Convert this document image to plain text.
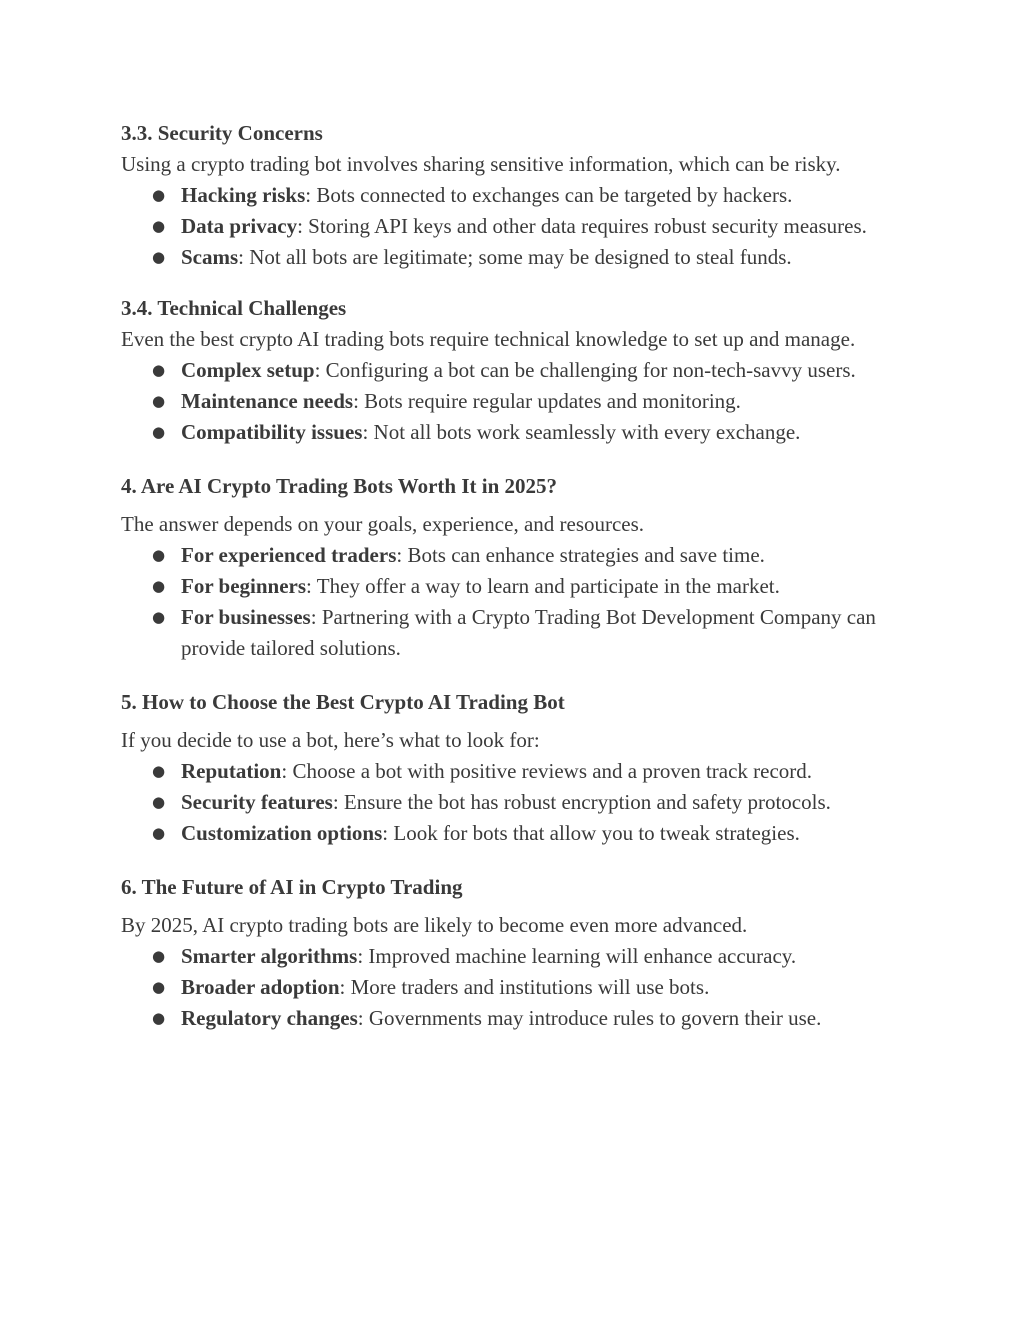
3.3. Security Concerns

Using a crypto trading bot involves sharing sensitive information, which can be risky.

● Hacking risks: Bots connected to exchanges can be targeted by hackers.
● Data privacy: Storing API keys and other data requires robust security measures.
● Scams: Not all bots are legitimate; some may be designed to steal funds.
3.4. Technical Challenges

Even the best crypto AI trading bots require technical knowledge to set up and manage.

● Complex setup: Configuring a bot can be challenging for non-tech-savvy users.
● Maintenance needs: Bots require regular updates and monitoring.
● Compatibility issues: Not all bots work seamlessly with every exchange.
4. Are AI Crypto Trading Bots Worth It in 2025?

The answer depends on your goals, experience, and resources.

● For experienced traders: Bots can enhance strategies and save time.
● For beginners: They offer a way to learn and participate in the market.
● For businesses: Partnering with a Crypto Trading Bot Development Company can provide tailored solutions.
5. How to Choose the Best Crypto AI Trading Bot

If you decide to use a bot, here’s what to look for:

● Reputation: Choose a bot with positive reviews and a proven track record.
● Security features: Ensure the bot has robust encryption and safety protocols.
● Customization options: Look for bots that allow you to tweak strategies.
6. The Future of AI in Crypto Trading

By 2025, AI crypto trading bots are likely to become even more advanced.

● Smarter algorithms: Improved machine learning will enhance accuracy.
● Broader adoption: More traders and institutions will use bots.
● Regulatory changes: Governments may introduce rules to govern their use.
